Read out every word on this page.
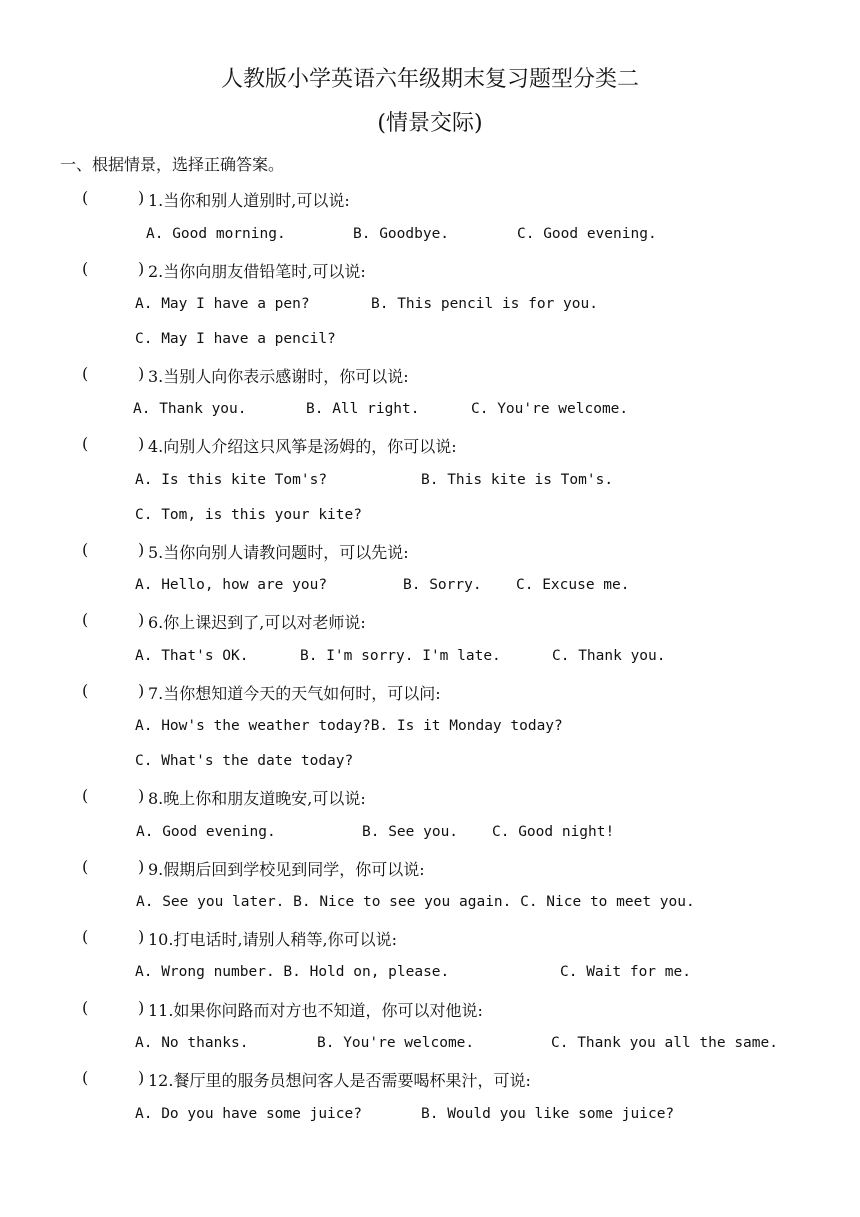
人教版小学英语六年级期末复习题型分类二
(情景交际)
一、根据情景，选择正确答案。
(	) 1.当你和别人道别时,可以说:
A. Good morning.	B. Goodbye.	C. Good evening.
(	) 2.当你向朋友借铅笔时,可以说:
A. May I have a pen?	B. This pencil is for you.
C. May I have a pencil?
(	) 3.当别人向你表示感谢时，你可以说:
A. Thank you.	B. All right.	C. You're welcome.
(	) 4.向别人介绍这只风筝是汤姆的，你可以说:
A. Is this kite Tom's?	B. This kite is Tom's.
C. Tom, is this your kite?
(	) 5.当你向别人请教问题时，可以先说:
A. Hello, how are you?	B. Sorry. C. Excuse me.
(	) 6.你上课迟到了,可以对老师说:
A. That's OK.	B. I'm sorry. I'm late.	C. Thank you.
(	) 7.当你想知道今天的天气如何时，可以问:
A. How's the weather today?B. Is it Monday today?
C. What's the date today?
(	) 8.晚上你和朋友道晚安,可以说:
A. Good evening.	B. See you. C. Good night!
(	) 9.假期后回到学校见到同学，你可以说:
A. See you later. B. Nice to see you again. C. Nice to meet you.
(	) 10.打电话时,请别人稍等,你可以说:
A. Wrong number. B. Hold on, please.	C. Wait for me.
(	) 11.如果你问路而对方也不知道，你可以对他说:
A. No thanks.	B. You're welcome.	C. Thank you all the same.
(	) 12.餐厅里的服务员想问客人是否需要喝杯果汁，可说:
A. Do you have some juice?	B. Would you like some juice?
